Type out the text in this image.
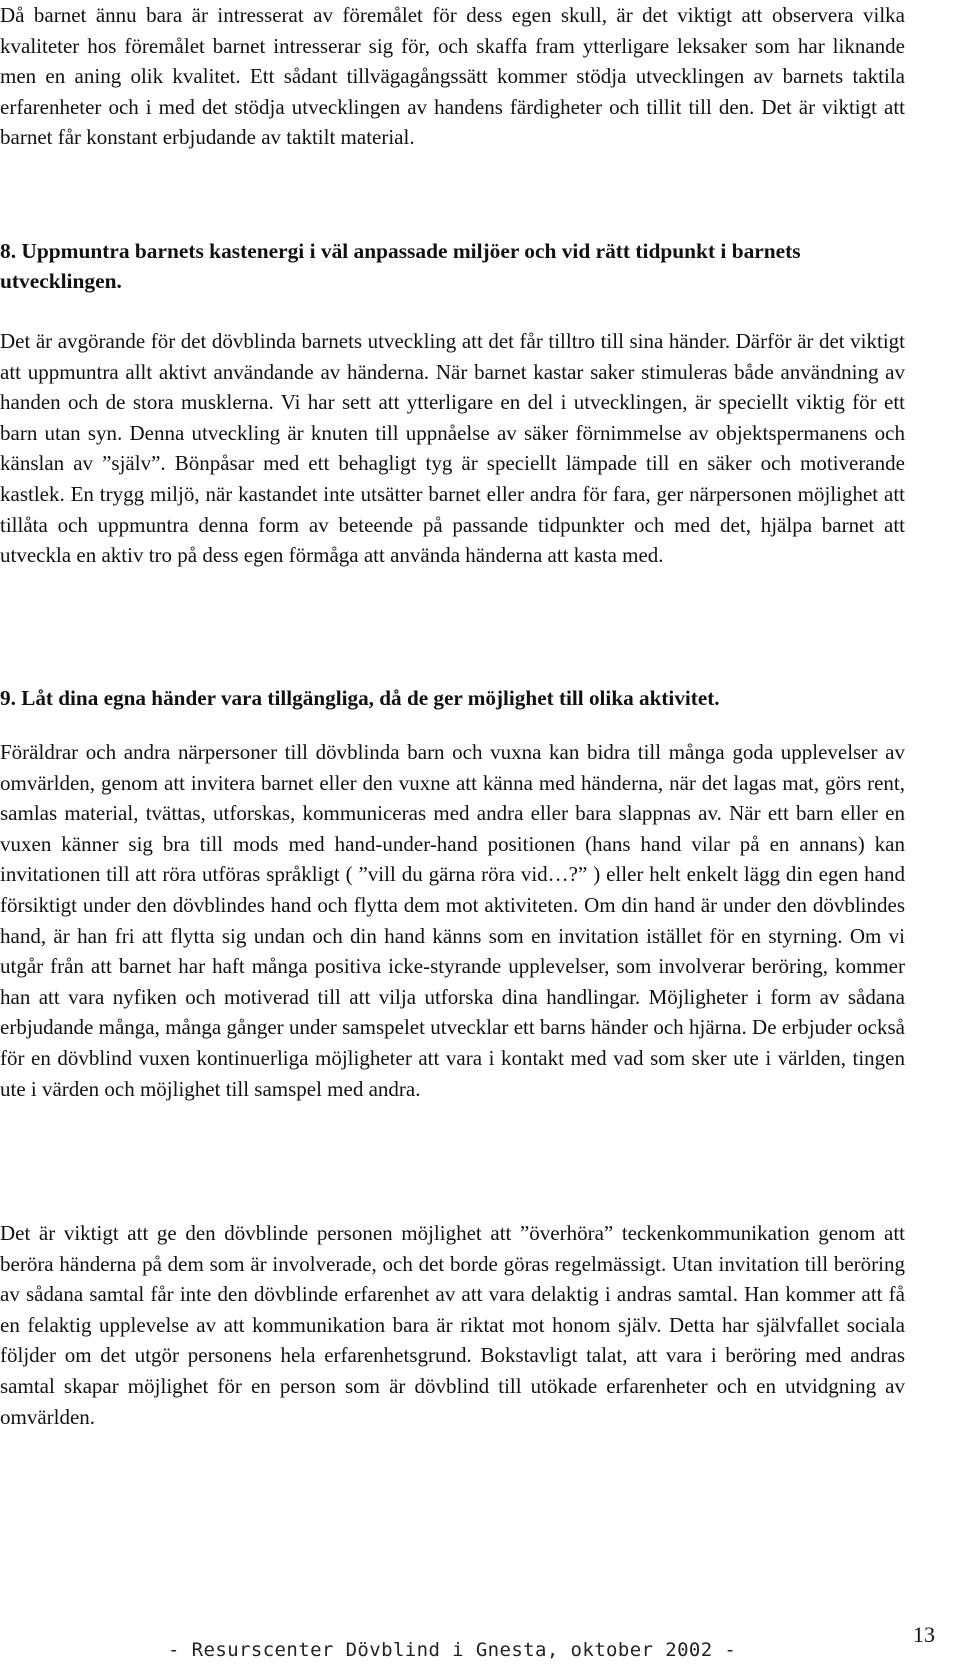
Då barnet ännu bara är intresserat av föremålet för dess egen skull, är det viktigt att observera vilka kvaliteter hos föremålet barnet intresserar sig för, och skaffa fram ytterligare leksaker som har liknande men en aning olik kvalitet. Ett sådant tillvägagångssätt kommer stödja utvecklingen av barnets taktila erfarenheter och i med det stödja utvecklingen av handens färdigheter och tillit till den. Det är viktigt att barnet får konstant erbjudande av taktilt material.

8. Uppmuntra barnets kastenergi i väl anpassade miljöer och vid rätt tidpunkt i barnets utvecklingen.

Det är avgörande för det dövblinda barnets utveckling att det får tilltro till sina händer. Därför är det viktigt att uppmuntra allt aktivt användande av händerna. När barnet kastar saker stimuleras både användning av handen och de stora musklerna. Vi har sett att ytterligare en del i utvecklingen, är speciellt viktig för ett barn utan syn. Denna utveckling är knuten till uppnåelse av säker förnimmelse av objektspermanens och känslan av ”själv”. Bönpåsar med ett behagligt tyg är speciellt lämpade till en säker och motiverande kastlek. En trygg miljö, när kastandet inte utsätter barnet eller andra för fara, ger närpersonen möjlighet att tillåta och uppmuntra denna form av beteende på passande tidpunkter och med det, hjälpa barnet att utveckla en aktiv tro på dess egen förmåga att använda händerna att kasta med.

9. Låt dina egna händer vara tillgängliga, då de ger möjlighet till olika aktivitet.

Föräldrar och andra närpersoner till dövblinda barn och vuxna kan bidra till många goda upplevelser av omvärlden, genom att invitera barnet eller den vuxne att känna med händerna, när det lagas mat, görs rent, samlas material, tvättas, utforskas, kommuniceras med andra eller bara slappnas av. När ett barn eller en vuxen känner sig bra till mods med hand-under-hand positionen (hans hand vilar på en annans) kan invitationen till att röra utföras språkligt ( ”vill du gärna röra vid…?” ) eller helt enkelt lägg din egen hand försiktigt under den dövblindes hand och flytta dem mot aktiviteten. Om din hand är under den dövblindes hand, är han fri att flytta sig undan och din hand känns som en invitation istället för en styrning. Om vi utgår från att barnet har haft många positiva icke-styrande upplevelser, som involverar beröring, kommer han att vara nyfiken och motiverad till att vilja utforska dina handlingar. Möjligheter i form av sådana erbjudande många, många gånger under samspelet utvecklar ett barns händer och hjärna. De erbjuder också för en dövblind vuxen kontinuerliga möjligheter att vara i kontakt med vad som sker ute i världen, tingen ute i värden och möjlighet till samspel med andra.

Det är viktigt att ge den dövblinde personen möjlighet att ”överhöra” teckenkommunikation genom att beröra händerna på dem som är involverade, och det borde göras regelmässigt. Utan invitation till beröring av sådana samtal får inte den dövblinde erfarenhet av att vara delaktig i andras samtal. Han kommer att få en felaktig upplevelse av att kommunikation bara är riktat mot honom själv. Detta har självfallet sociala följder om det utgör personens hela erfarenhetsgrund. Bokstavligt talat, att vara i beröring med andras samtal skapar möjlighet för en person som är dövblind till utökade erfarenheter och en utvidgning av omvärlden.

- Resurscenter Dövblind i Gnesta, oktober 2002 -
13
